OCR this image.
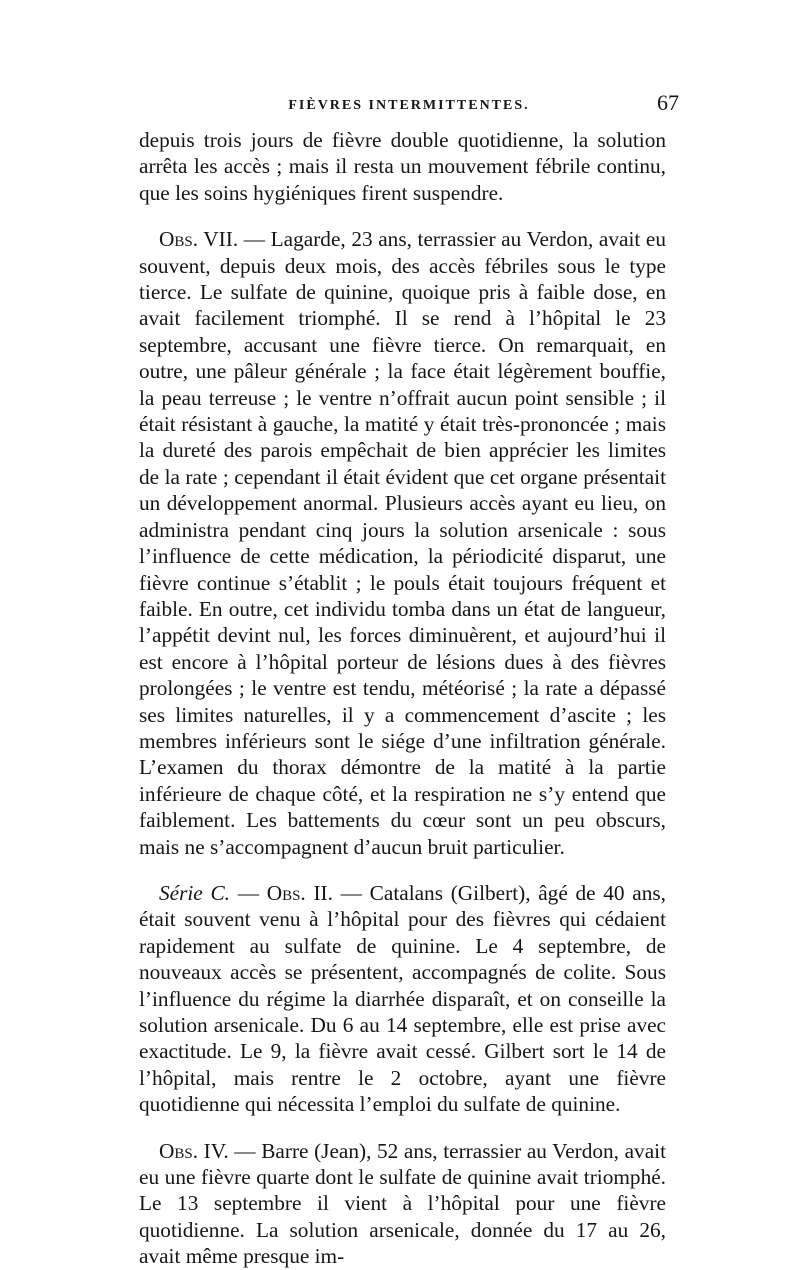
FIÈVRES INTERMITTENTES.	67

depuis trois jours de fièvre double quotidienne, la solution arrêta les accès ; mais il resta un mouvement fébrile continu, que les soins hygiéniques firent suspendre.

Obs. VII. — Lagarde, 23 ans, terrassier au Verdon, avait eu souvent, depuis deux mois, des accès fébriles sous le type tierce. Le sulfate de quinine, quoique pris à faible dose, en avait facilement triomphé. Il se rend à l’hôpital le 23 septembre, accusant une fièvre tierce. On remarquait, en outre, une pâleur générale ; la face était légèrement bouffie, la peau terreuse ; le ventre n’offrait aucun point sensible ; il était résistant à gauche, la matité y était très-prononcée ; mais la dureté des parois empêchait de bien apprécier les limites de la rate ; cependant il était évident que cet organe présentait un développement anormal. Plusieurs accès ayant eu lieu, on administra pendant cinq jours la solution arsenicale : sous l’influence de cette médication, la périodicité disparut, une fièvre continue s’établit ; le pouls était toujours fréquent et faible. En outre, cet individu tomba dans un état de langueur, l’appétit devint nul, les forces diminuèrent, et aujourd’hui il est encore à l’hôpital porteur de lésions dues à des fièvres prolongées ; le ventre est tendu, météorisé ; la rate a dépassé ses limites naturelles, il y a commencement d’ascite ; les membres inférieurs sont le siége d’une infiltration générale. L’examen du thorax démontre de la matité à la partie inférieure de chaque côté, et la respiration ne s’y entend que faiblement. Les battements du cœur sont un peu obscurs, mais ne s’accompagnent d’aucun bruit particulier.

Série C. — Obs. II. — Catalans (Gilbert), âgé de 40 ans, était souvent venu à l’hôpital pour des fièvres qui cédaient rapidement au sulfate de quinine. Le 4 septembre, de nouveaux accès se présentent, accompagnés de colite. Sous l’influence du régime la diarrhée disparaît, et on conseille la solution arsenicale. Du 6 au 14 septembre, elle est prise avec exactitude. Le 9, la fièvre avait cessé. Gilbert sort le 14 de l’hôpital, mais rentre le 2 octobre, ayant une fièvre quotidienne qui nécessita l’emploi du sulfate de quinine.

Obs. IV. — Barre (Jean), 52 ans, terrassier au Verdon, avait eu une fièvre quarte dont le sulfate de quinine avait triomphé. Le 13 septembre il vient à l’hôpital pour une fièvre quotidienne. La solution arsenicale, donnée du 17 au 26, avait même presque im-
